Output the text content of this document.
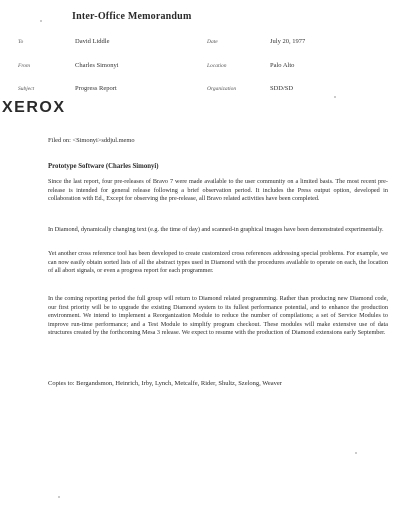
Inter-Office Memorandum
To	David Liddle	Date	July 20, 1977
From	Charles Simonyi	Location	Palo Alto
Subject	Progress Report	Organization	SDD/SD
XEROX
Filed on: <Simonyi>sddjul.memo
Prototype Software (Charles Simonyi)
Since the last report, four pre-releases of Bravo 7 were made available to the user community on a limited basis. The most recent pre-release is intended for general release following a brief observation period. It includes the Press output option, developed in collaboration with Ed., Except for observing the pre-release, all Bravo related activities have been completed.
In Diamond, dynamically changing text (e.g. the time of day) and scanned-in graphical images have been demonstrated experimentally.
Yet another cross reference tool has been developed to create customized cross references addressing special problems. For example, we can now easily obtain sorted lists of all the abstract types used in Diamond with the procedures available to operate on each, the location of all abort signals, or even a progress report for each programmer.
In the coming reporting period the full group will return to Diamond related programming. Rather than producing new Diamond code, our first priority will be to upgrade the existing Diamond system to its fullest performance potential, and to enhance the production environment. We intend to implement a Reorganization Module to reduce the number of compilations; a set of Service Modules to improve run-time performance; and a Test Module to simplify program checkout. These modules will make extensive use of data structures created by the forthcoming Mesa 3 release. We expect to resume with the production of Diamond extensions early September.
Copies to: Bergandsmon, Heinrich, Irby, Lynch, Metcalfe, Rider, Shultz, Szelong, Weaver
